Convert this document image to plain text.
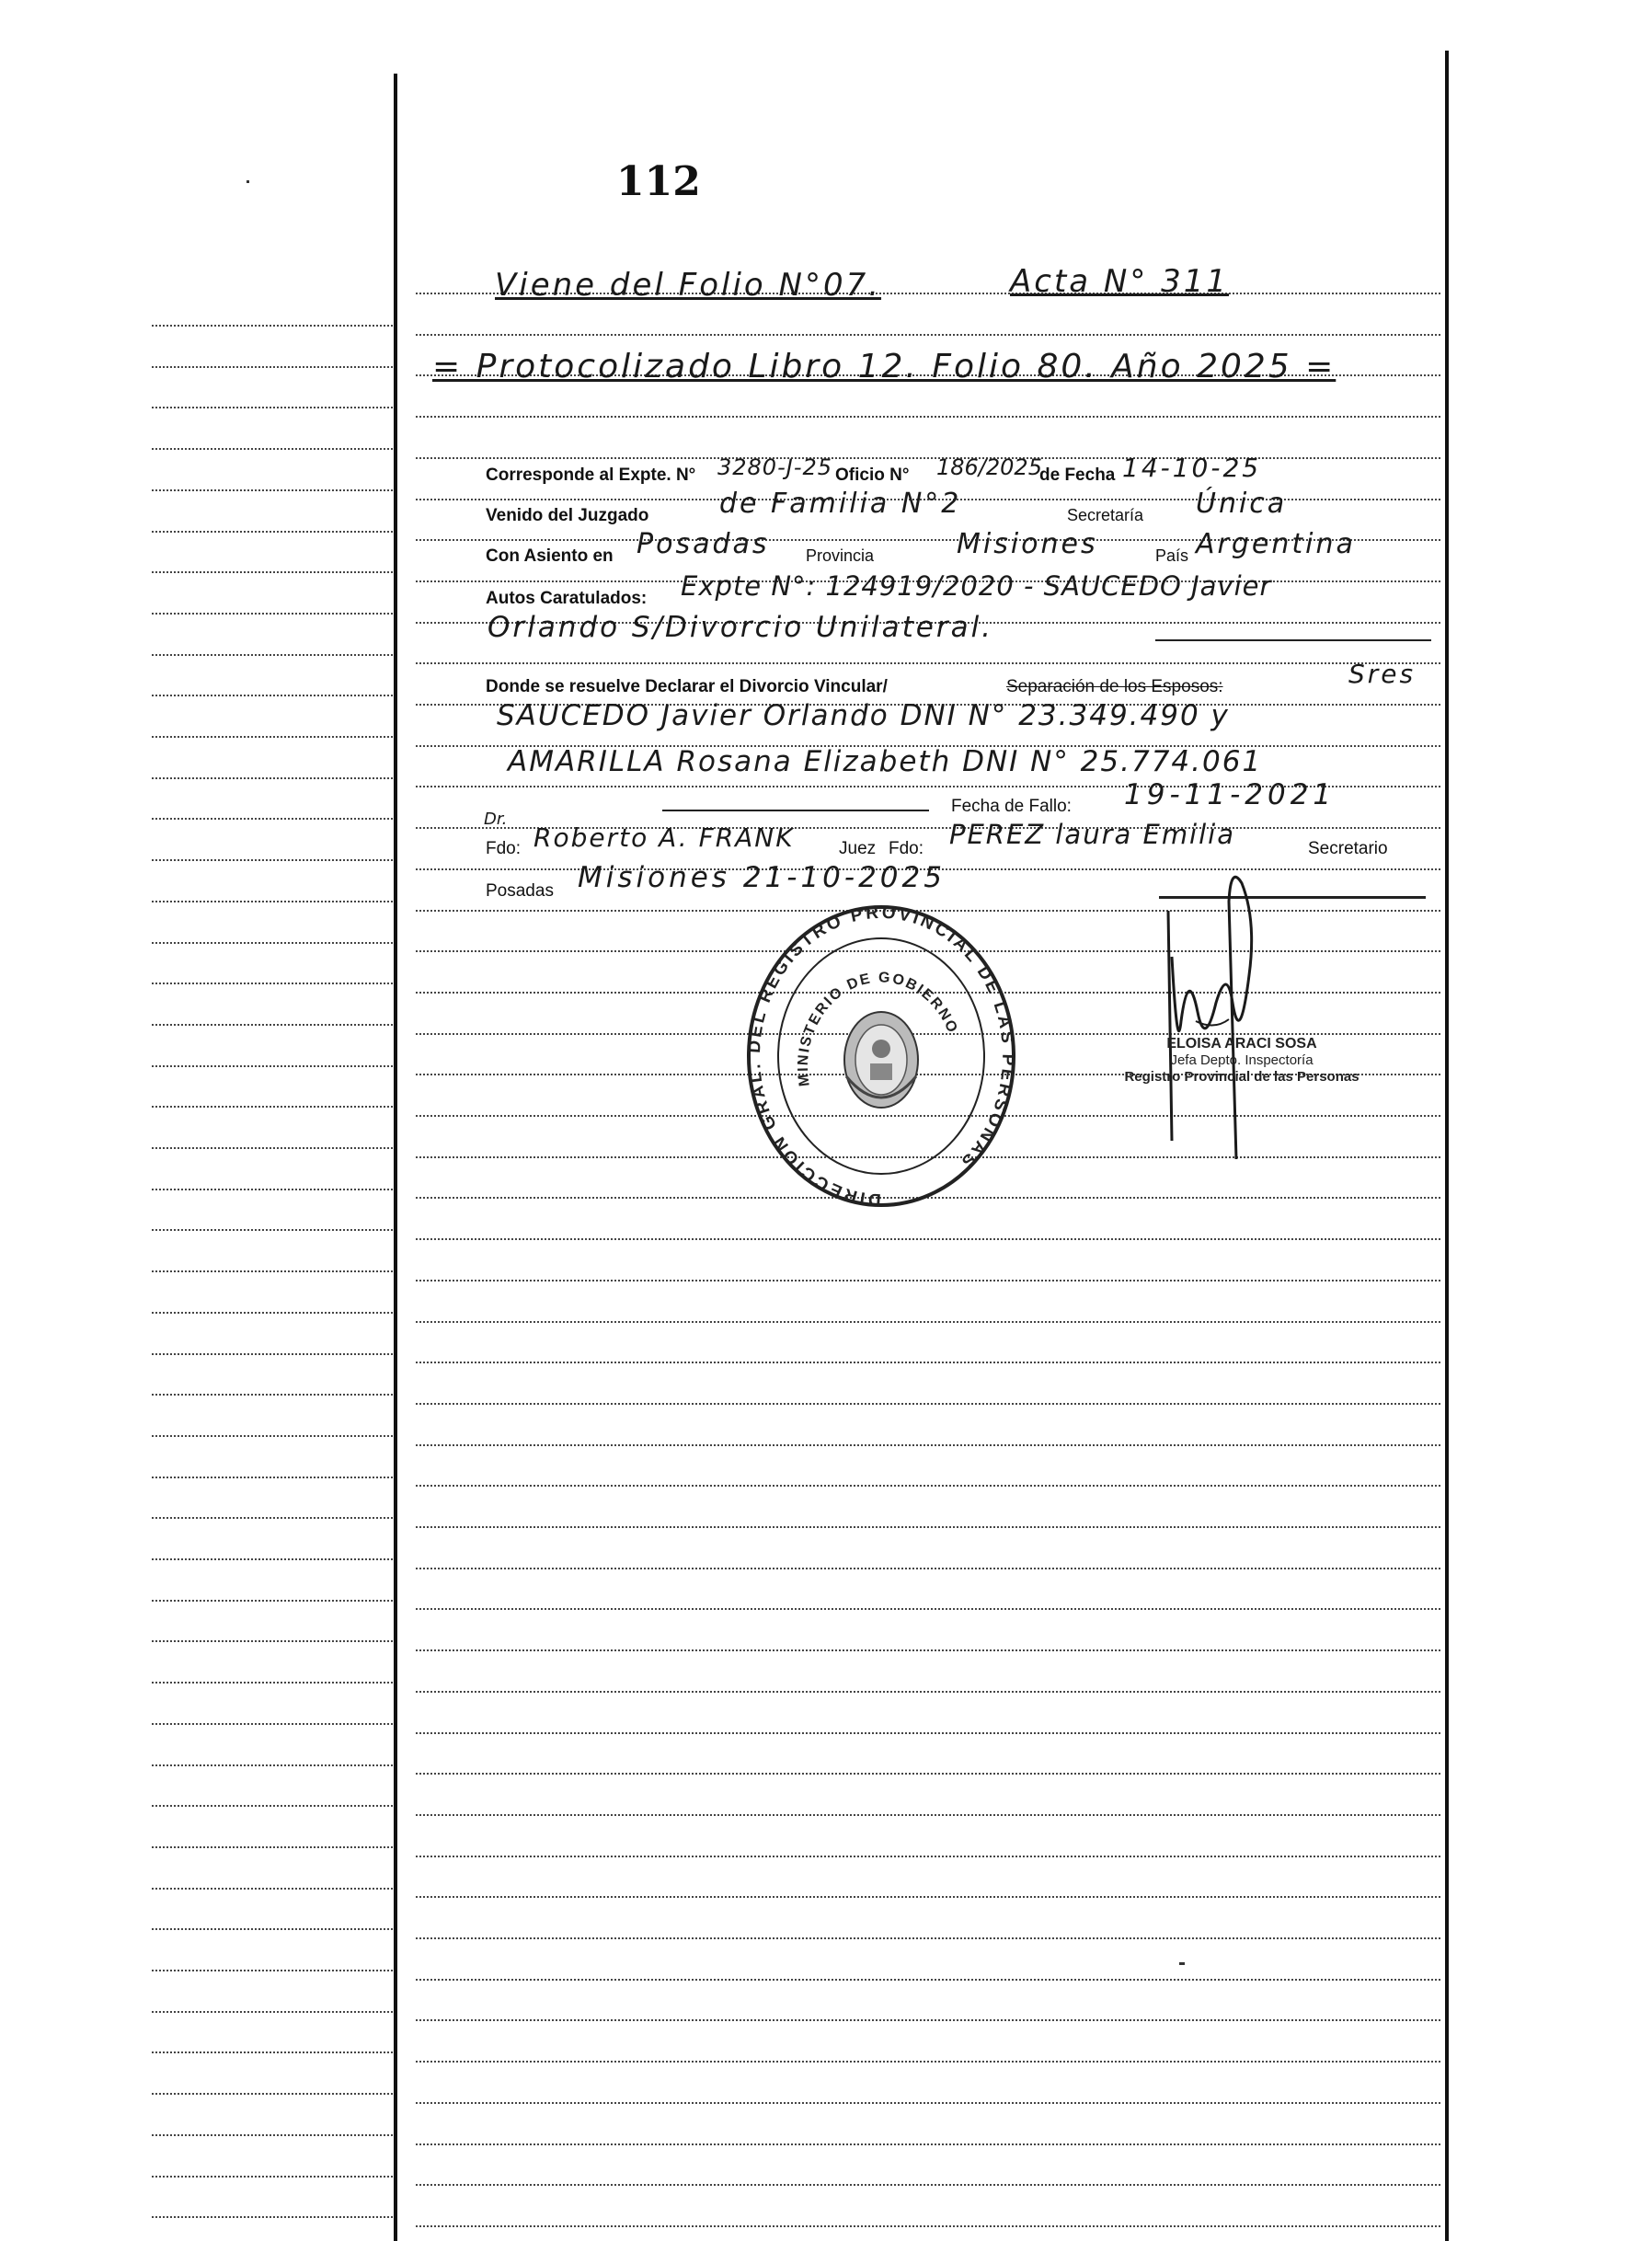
112
Viene del Folio N°07.	Acta N° 311
= Protocolizado Libro 12. Folio 80. Año 2025 =
Corresponde al Expte. N° 3280-J-25 Oficio N° 186/2025
de Fecha 14-10-25
Venido del Juzgado	de Familia N°2	Secretaría Única
Con Asiento en Posadas Provincia	Misiones	País Argentina
Autos Caratulados: Expte N°: 124919/2020 - SAUCEDO Javier
Orlando S/Divorcio Unilateral.
Donde se resuelve Declarar el Divorcio Vincular/	Separación de los Esposos:	Sres
SAUCEDO Javier Orlando DNI N° 23.349.490 y
AMARILLA Rosana Elizabeth DNI N° 25.774.061
Fecha de Fallo: 19-11-2021
Dr.
Fdo: Roberto A. FRANK	Juez Fdo: PEREZ laura Emilia	Secretario
Posadas Misiones 21-10-2025
DIRECCION GRAL. DEL REGISTRO PROVINCIAL DE LAS PERSONAS
MINISTERIO DE GOBIERNO
ELOISA ARACI SOSA
Jefa Depto. Inspectoría
Registro Provincial de las Personas
